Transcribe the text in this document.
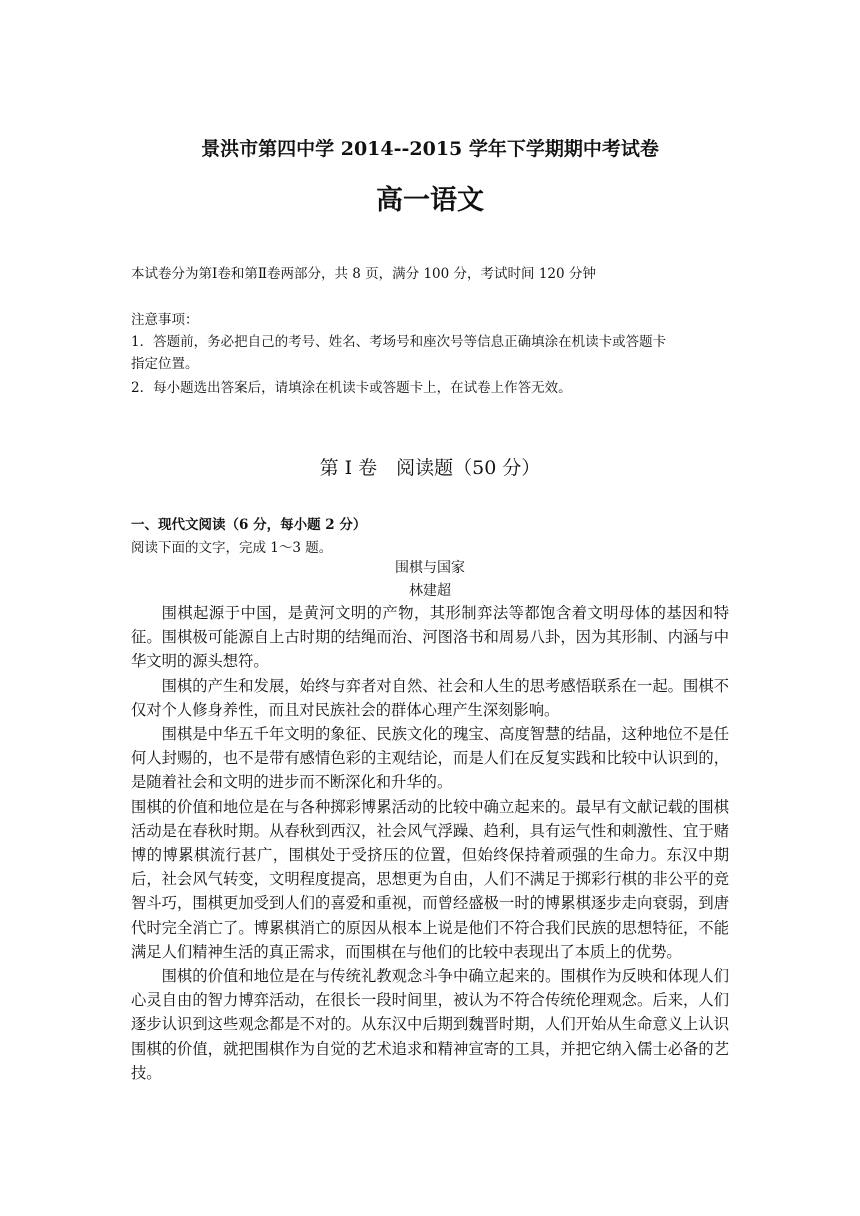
景洪市第四中学 2014--2015 学年下学期期中考试卷
高一语文
本试卷分为第Ⅰ卷和第Ⅱ卷两部分，共 8 页，满分 100 分，考试时间 120 分钟
注意事项：
1．答题前，务必把自己的考号、姓名、考场号和座次号等信息正确填涂在机读卡或答题卡
指定位置。
2．每小题选出答案后，请填涂在机读卡或答题卡上，在试卷上作答无效。
第 I 卷　阅读题（50 分）
一、现代文阅读（6 分，每小题 2 分）
阅读下面的文字，完成 1～3 题。
围棋与国家
林建超

围棋起源于中国，是黄河文明的产物，其形制弈法等都饱含着文明母体的基因和特征。围棋极可能源自上古时期的结绳而治、河图洛书和周易八卦，因为其形制、内涵与中华文明的源头想符。

围棋的产生和发展，始终与弈者对自然、社会和人生的思考感悟联系在一起。围棋不仅对个人修身养性，而且对民族社会的群体心理产生深刻影响。

围棋是中华五千年文明的象征、民族文化的瑰宝、高度智慧的结晶，这种地位不是任何人封赐的，也不是带有感情色彩的主观结论，而是人们在反复实践和比较中认识到的，是随着社会和文明的进步而不断深化和升华的。

围棋的价值和地位是在与各种掷彩博累活动的比较中确立起来的。最早有文献记载的围棋活动是在春秋时期。从春秋到西汉，社会风气浮躁、趋利，具有运气性和刺激性、宜于赌博的博累棋流行甚广，围棋处于受挤压的位置，但始终保持着顽强的生命力。东汉中期后，社会风气转变，文明程度提高，思想更为自由，人们不满足于掷彩行棋的非公平的竞智斗巧，围棋更加受到人们的喜爱和重视，而曾经盛极一时的博累棋逐步走向衰弱，到唐代时完全消亡了。博累棋消亡的原因从根本上说是他们不符合我们民族的思想特征，不能满足人们精神生活的真正需求，而围棋在与他们的比较中表现出了本质上的优势。

围棋的价值和地位是在与传统礼教观念斗争中确立起来的。围棋作为反映和体现人们心灵自由的智力博弈活动，在很长一段时间里，被认为不符合传统伦理观念。后来，人们逐步认识到这些观念都是不对的。从东汉中后期到魏晋时期，人们开始从生命意义上认识围棋的价值，就把围棋作为自觉的艺术追求和精神宣寄的工具，并把它纳入儒士必备的艺技。
